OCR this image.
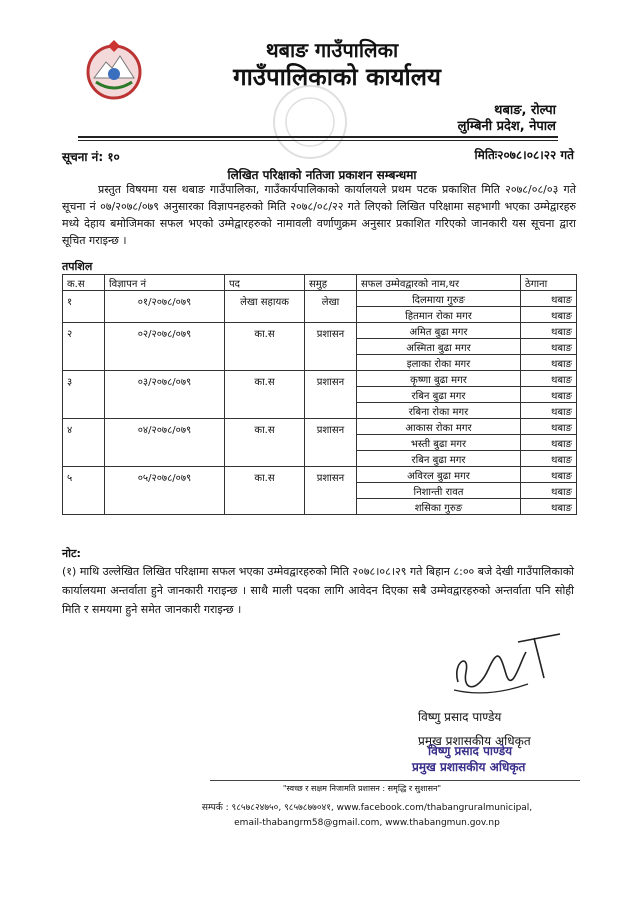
थबाङ गाउँपालिका
गाउँपालिकाको कार्यालय
थबाङ, रोल्पा
लुम्बिनी प्रदेश, नेपाल
सूचना नं: १०	मितिः२०७८।०८।२२ गते
लिखित परिक्षाको नतिजा प्रकाशन सम्बन्धमा
प्रस्तुत विषयमा यस थबाङ गाउँपालिका, गाउँकार्यपालिकाको कार्यालयले प्रथम पटक प्रकाशित मिति २०७८/०८/०३ गते सूचना नं ०७/२०७८/०७९ अनुसारका विज्ञापनहरुको मिति २०७८/०८/२२ गते लिएको लिखित परिक्षामा सहभागी भएका उम्मेद्वारहरु मध्ये देहाय बमोजिमका सफल भएको उम्मेद्वारहरुको नामावली वर्णाणुक्रम अनुसार प्रकाशित गरिएको जानकारी यस सूचना द्वारा सूचित गराइन्छ ।
तपशिल
क.स	विज्ञापन नं	पद	समुह	सफल उम्मेवद्वारको नाम,थर	ठेगाना
१	०१/२०७८/०७९	लेखा सहायक	लेखा	दिलमाया गुरुङ	थबाङ
				हितमान रोका मगर	थबाङ
२	०२/२०७८/०७९	का.स	प्रशासन	अमित बुढा मगर	थबाङ
				अस्मिता बुढा मगर	थबाङ
				इलाका रोका मगर	थबाङ
३	०३/२०७८/०७९	का.स	प्रशासन	कृष्णा बुढा मगर	थबाङ
				रबिन बुढा मगर	थबाङ
				रबिना रोका मगर	थबाङ
४	०४/२०७८/०७९	का.स	प्रशासन	आकास रोका मगर	थबाङ
				भस्ती बुढा मगर	थबाङ
				रबिन बुढा मगर	थबाङ
५	०५/२०७८/०७९	का.स	प्रशासन	अविरल बुढा मगर	थबाङ
				निशान्ती रावत	थबाङ
				शसिका गुरुङ	थबाङ
नोट:
(१) माथि उल्लेखित लिखित परिक्षामा सफल भएका उम्मेवद्वारहरुको मिति २०७८।०८।२९ गते बिहान ८:०० बजे देखी गाउँपालिकाको कार्यालयमा अन्तर्वाता हुने जानकारी गराइन्छ । साथै माली पदका लागि आवेदन दिएका सबै उम्मेवद्वारहरुको अन्तर्वाता पनि सोही मिति र समयमा हुने समेत जानकारी गराइन्छ ।
विष्णु प्रसाद पाण्डेय
प्रमुख प्रशासकीय अधिकृत
विष्णु प्रसाद पाण्डेय
प्रमुख प्रशासकीय अधिकृत
"स्वच्छ र सक्षम निजामति प्रशासन : समृद्धि र सुशासन"
सम्पर्क : ९८५७८२४७५०, ९८५७८७७०४१, www.facebook.com/thabangruralmunicipal,
email-thabangrm58@gmail.com, www.thabangmun.gov.np
